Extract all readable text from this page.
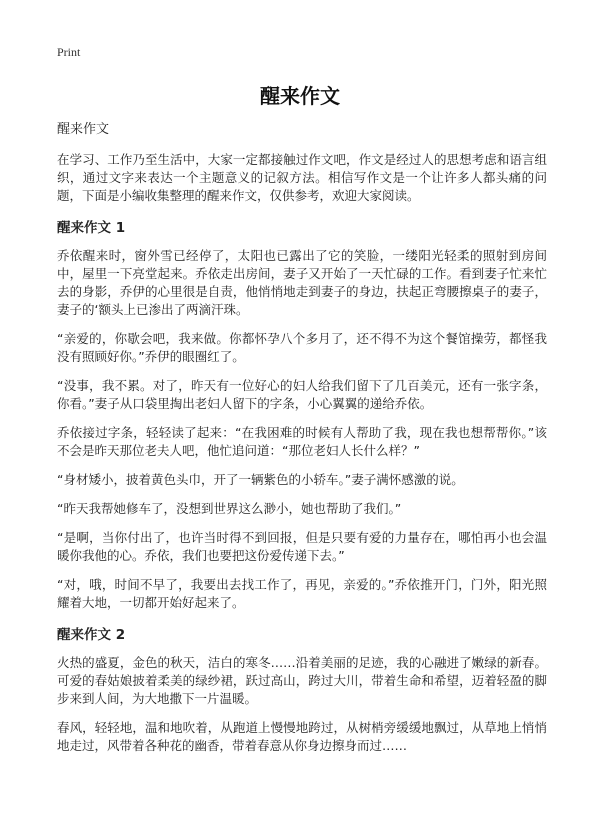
Print
醒来作文
醒来作文

在学习、工作乃至生活中，大家一定都接触过作文吧，作文是经过人的思想考虑和语言组织，通过文字来表达一个主题意义的记叙方法。相信写作文是一个让许多人都头痛的问题，下面是小编收集整理的醒来作文，仅供参考，欢迎大家阅读。

醒来作文 1

乔依醒来时，窗外雪已经停了，太阳也已露出了它的笑脸，一缕阳光轻柔的照射到房间中，屋里一下亮堂起来。乔依走出房间，妻子又开始了一天忙碌的工作。看到妻子忙来忙去的身影，乔伊的心里很是自责，他悄悄地走到妻子的身边，扶起正弯腰擦桌子的妻子，妻子的‘额头上已渗出了两滴汗珠。

“亲爱的，你歇会吧，我来做。你都怀孕八个多月了，还不得不为这个餐馆操劳，都怪我没有照顾好你。”乔伊的眼圈红了。

“没事，我不累。对了，昨天有一位好心的妇人给我们留下了几百美元，还有一张字条，你看。”妻子从口袋里掏出老妇人留下的字条，小心翼翼的递给乔依。

乔依接过字条，轻轻读了起来：“在我困难的时候有人帮助了我，现在我也想帮帮你。”该不会是昨天那位老夫人吧，他忙追问道：“那位老妇人长什么样？”

“身材矮小，披着黄色头巾，开了一辆紫色的小轿车。”妻子满怀感激的说。

“昨天我帮她修车了，没想到世界这么渺小，她也帮助了我们。”

“是啊，当你付出了，也许当时得不到回报，但是只要有爱的力量存在，哪怕再小也会温暖你我他的心。乔依，我们也要把这份爱传递下去。”

“对，哦，时间不早了，我要出去找工作了，再见，亲爱的。”乔依推开门，门外，阳光照耀着大地，一切都开始好起来了。

醒来作文 2

火热的盛夏，金色的秋天，洁白的寒冬……沿着美丽的足迹，我的心融进了嫩绿的新春。可爱的春姑娘披着柔美的绿纱裙，跃过高山，跨过大川，带着生命和希望，迈着轻盈的脚步来到人间，为大地撒下一片温暖。

春风，轻轻地，温和地吹着，从跑道上慢慢地跨过，从树梢旁缓缓地飘过，从草地上悄悄地走过，风带着各种花的幽香，带着春意从你身边擦身而过……
